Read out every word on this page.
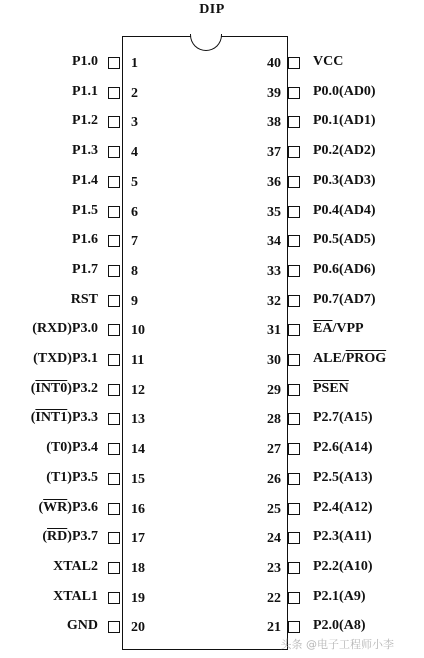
DIP
1
P1.0
2
P1.1
3
P1.2
4
P1.3
5
P1.4
6
P1.5
7
P1.6
8
P1.7
9
RST
10
(RXD)P3.0
11
(TXD)P3.1
12
(INT0)P3.2
13
(INT1)P3.3
14
(T0)P3.4
15
(T1)P3.5
16
$(\overline{WR})P3.6$
17
$(\overline{RD})P3.7$
18
XTAL2
19
XTAL1
20
GND
40 VCC
39 P0.0(AD0)
38 P0.1(AD1)
37 P0.2(AD2)
36 P0.3(AD3)
35 P0.4(AD4)
34 P0.5(AD5)
33 P0.6(AD6)
32 P0.7(AD7)
31 $\overline{EA}$/VPP
30 ALE/PROG
29 PSEN
28 P2.7(A15)
27 P2.6(A14)
26 P2.5(A13)
25 P2.4(A12)
24 P2.3(A11)
23 P2.2(A10)
22 P2.1(A9)
21 P2.0(A8)
头条 @电子工程师小李
